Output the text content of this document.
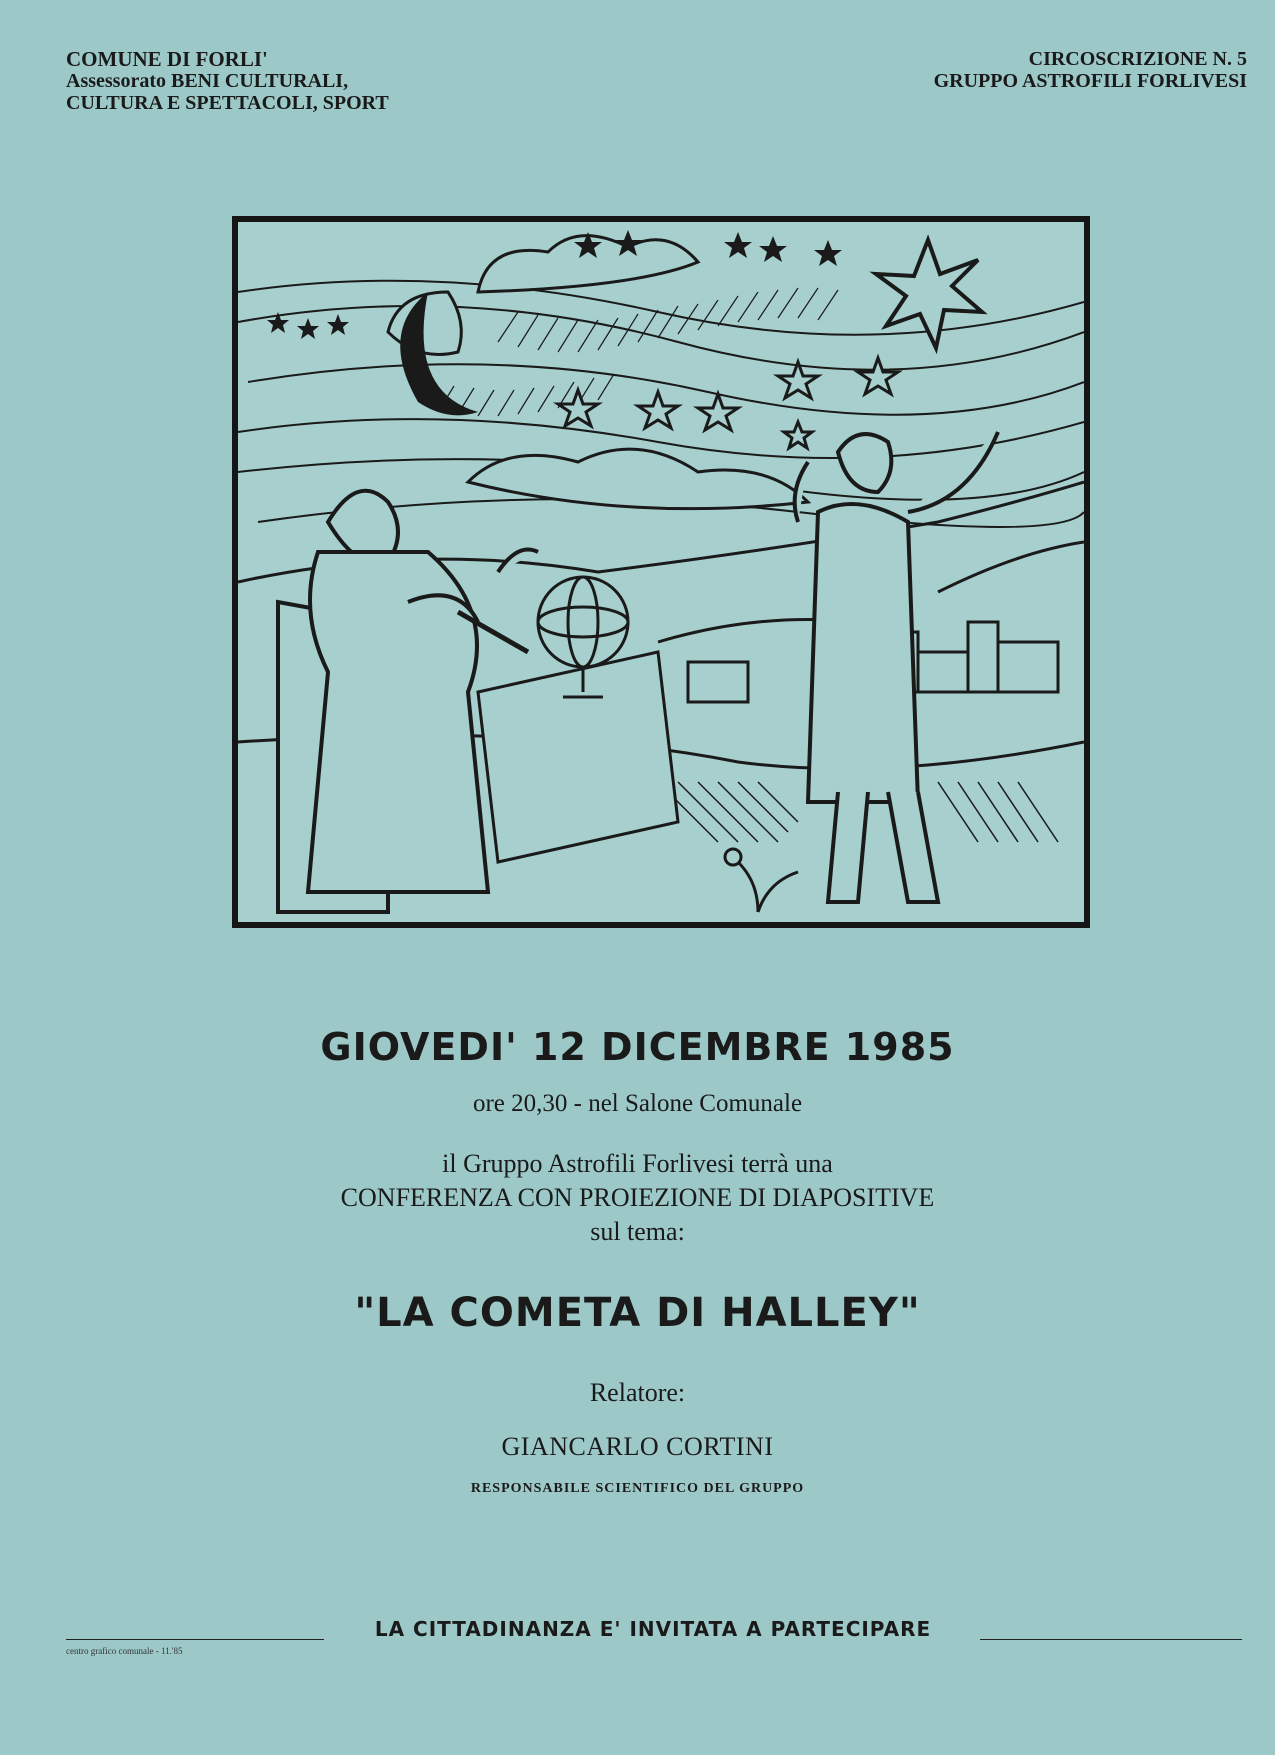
COMUNE DI FORLI'
Assessorato BENI CULTURALI,
CULTURA E SPETTACOLI, SPORT
CIRCOSCRIZIONE N. 5
GRUPPO ASTROFILI FORLIVESI
GIOVEDI' 12 DICEMBRE 1985
ore 20,30 - nel Salone Comunale
il Gruppo Astrofili Forlivesi terrà una
CONFERENZA CON PROIEZIONE DI DIAPOSITIVE
sul tema:
"LA COMETA DI HALLEY"
Relatore:
GIANCARLO CORTINI
RESPONSABILE SCIENTIFICO DEL GRUPPO
LA CITTADINANZA E' INVITATA A PARTECIPARE
centro grafico comunale - 11.'85
